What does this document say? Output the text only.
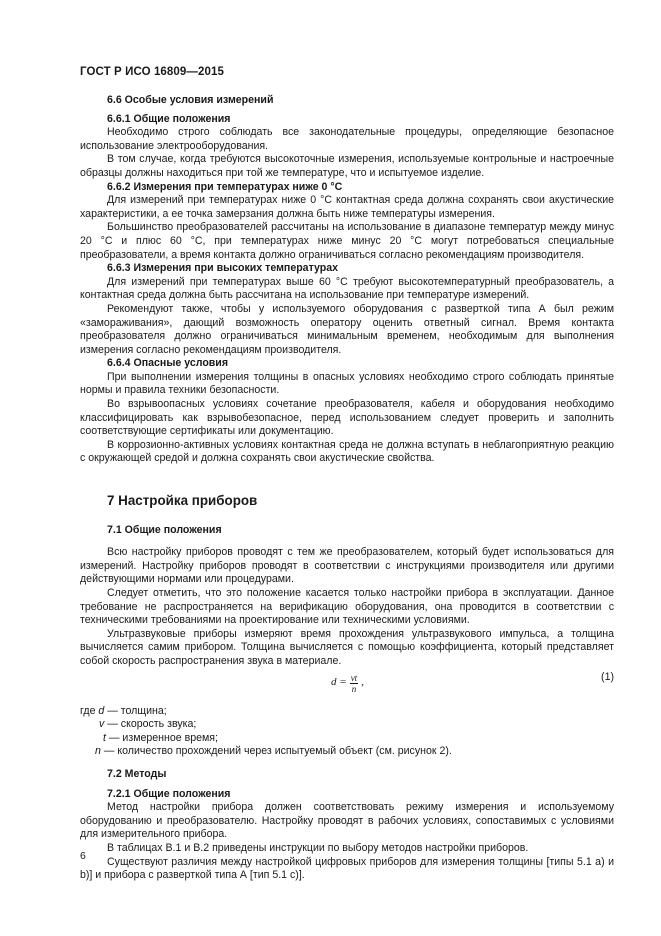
ГОСТ Р ИСО 16809—2015
6.6 Особые условия измерений
6.6.1 Общие положения

Необходимо строго соблюдать все законодательные процедуры, определяющие безопасное использование электрооборудования.

В том случае, когда требуются высокоточные измерения, используемые контрольные и настроечные образцы должны находиться при той же температуре, что и испытуемое изделие.

6.6.2 Измерения при температурах ниже 0 °С

Для измерений при температурах ниже 0 °С контактная среда должна сохранять свои акустические характеристики, а ее точка замерзания должна быть ниже температуры измерения.

Большинство преобразователей рассчитаны на использование в диапазоне температур между минус 20 °С и плюс 60 °С, при температурах ниже минус 20 °С могут потребоваться специальные преобразователи, а время контакта должно ограничиваться согласно рекомендациям производителя.

6.6.3 Измерения при высоких температурах

Для измерений при температурах выше 60 °С требуют высокотемпературный преобразователь, а контактная среда должна быть рассчитана на использование при температуре измерений.

Рекомендуют также, чтобы у используемого оборудования с разверткой типа А был режим «замораживания», дающий возможность оператору оценить ответный сигнал. Время контакта преобразователя должно ограничиваться минимальным временем, необходимым для выполнения измерения согласно рекомендациям производителя.

6.6.4 Опасные условия

При выполнении измерения толщины в опасных условиях необходимо строго соблюдать принятые нормы и правила техники безопасности.

Во взрывоопасных условиях сочетание преобразователя, кабеля и оборудования необходимо классифицировать как взрывобезопасное, перед использованием следует проверить и заполнить соответствующие сертификаты или документацию.

В коррозионно-активных условиях контактная среда не должна вступать в неблагоприятную реакцию с окружающей средой и должна сохранять свои акустические свойства.

7 Настройка приборов
7.1 Общие положения

Всю настройку приборов проводят с тем же преобразователем, который будет использоваться для измерений. Настройку приборов проводят в соответствии с инструкциями производителя или другими действующими нормами или процедурами.

Следует отметить, что это положение касается только настройки прибора в эксплуатации. Данное требование не распространяется на верификацию оборудования, она проводится в соответствии с техническими требованиями на проектирование или техническими условиями.

Ультразвуковые приборы измеряют время прохождения ультразвукового импульса, а толщина вычисляется самим прибором. Толщина вычисляется с помощью коэффициента, который представляет собой скорость распространения звука в материале.

$d = \frac{vt}{n}$ ,	(1)
где d — толщина;
v — скорость звука;
t — измеренное время;
n — количество прохождений через испытуемый объект (см. рисунок 2).
7.2 Методы
7.2.1 Общие положения

Метод настройки прибора должен соответствовать режиму измерения и используемому оборудованию и преобразователю. Настройку проводят в рабочих условиях, сопоставимых с условиями для измерительного прибора.

В таблицах В.1 и В.2 приведены инструкции по выбору методов настройки приборов.

Существуют различия между настройкой цифровых приборов для измерения толщины [типы 5.1 а) и b)] и прибора с разверткой типа А [тип 5.1 с)].

6
